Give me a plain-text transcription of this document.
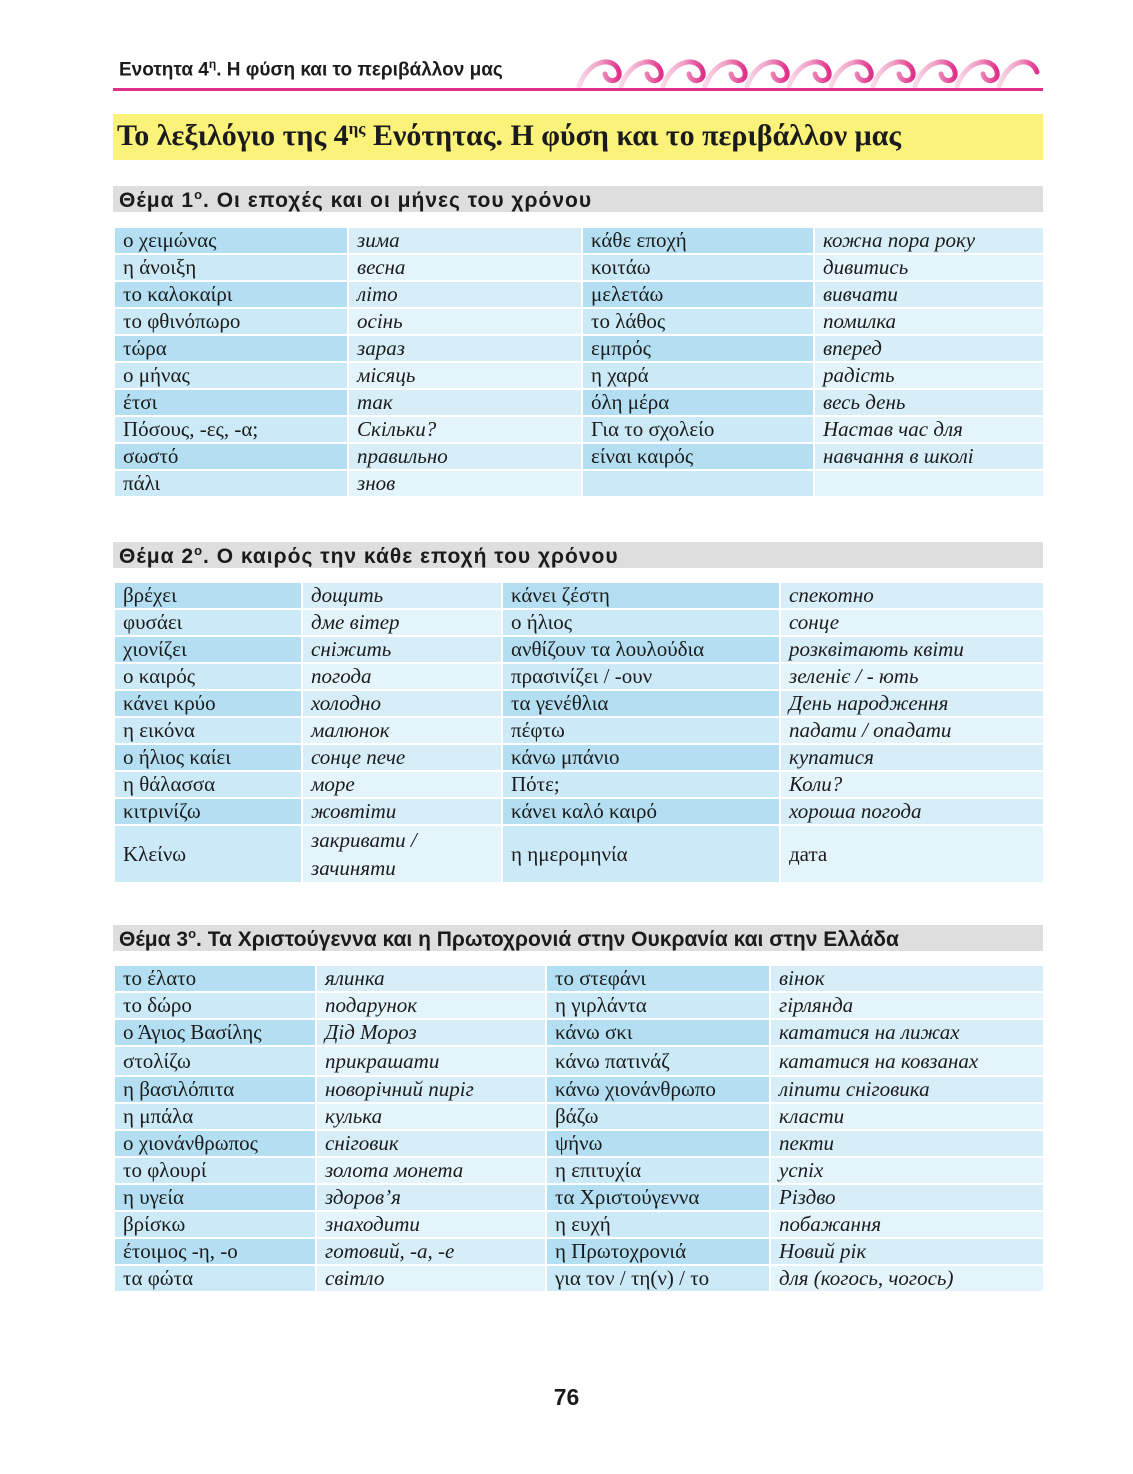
Ενοτητα $4^\eta$. Η φύση και το περιβάλλον μας
Το λεξιλόγιο της $4^{\eta\varsigma}$ Ενότητας. Η φύση και το περιβάλλον μας
Θέμα $1^o$. Οι εποχές και οι μήνες του χρόνου
ο χειμώνας	зима	κάθε εποχή	кожна пора року
η άνοιξη	весна	κοιτάω	дивитись
το καλοκαίρι	літо	μελετάω	вивчати
το φθινόπωρο	осінь	το λάθος	помилка
τώρα	зараз	εμπρός	вперед
ο μήνας	місяць	η χαρά	радість
έτσι	так	όλη μέρα	весь день
Πόσους, -ες, -α;	Скільки?	Για το σχολείο	Настав час для
σωστό	правильно	είναι καιρός	навчання в школі
πάλι	знов		
Θέμα $2^o$. Ο καιρός την κάθε εποχή του χρόνου
βρέχει	дощить	κάνει ζέστη	спекотно
φυσάει	дме вітер	ο ήλιος	сонце
χιονίζει	сніжить	ανθίζουν τα λουλούδια	розквітають квіти
ο καιρός	погода	πρασινίζει / -ουν	зеленіє / - ють
κάνει κρύο	холодно	τα γενέθλια	День народження
η εικόνα	малюнок	πέφτω	падати / опадати
ο ήλιος καίει	сонце пече	κάνω μπάνιο	купатися
η θάλασσα	море	Πότε;	Коли?
κιτρινίζω	жовтіти	κάνει καλό καιρό	хороша погода
Κλείνω	закривати / зачиняти	η ημερομηνία	дата
Θέμα $3^o$. Τα Χριστούγεννα και η Πρωτοχρονιά στην Ουκρανία και στην Ελλάδα
το έλατο	ялинка	το στεφάνι	вінок
το δώρο	подарунок	η γιρλάντα	гірлянда
ο Άγιος Βασίλης	Дід Мороз	κάνω σκι	кататися на лижах
στολίζω	прикрашати	κάνω πατινάζ	кататися на ковзанах
η βασιλόπιτα	новорічний пиріг	κάνω χιονάνθρωπο	ліпити сніговика
η μπάλα	кулька	βάζω	класти
ο χιονάνθρωπος	сніговик	ψήνω	пекти
το φλουρί	золота монета	η επιτυχία	успіх
η υγεία	здоров’я	τα Χριστούγεννα	Різдво
βρίσκω	знаходити	η ευχή	побажання
έτοιμος -η, -ο	готовий, -а, -е	η Πρωτοχρονιά	Новий рік
τα φώτα	світло	για τον / τη(ν) / το	для (когось, чогось)
76
